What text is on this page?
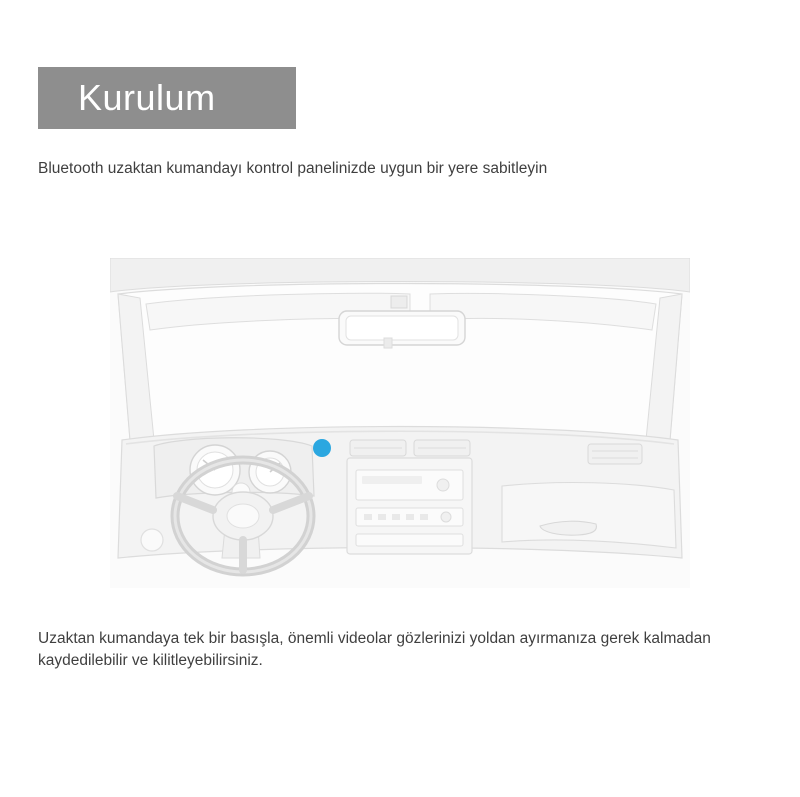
Kurulum
Bluetooth uzaktan kumandayı kontrol panelinizde uygun bir yere sabitleyin
Uzaktan kumandaya tek bir basışla, önemli videolar gözlerinizi yoldan ayırmanıza gerek kalmadan kaydedilebilir ve kilitleyebilirsiniz.
